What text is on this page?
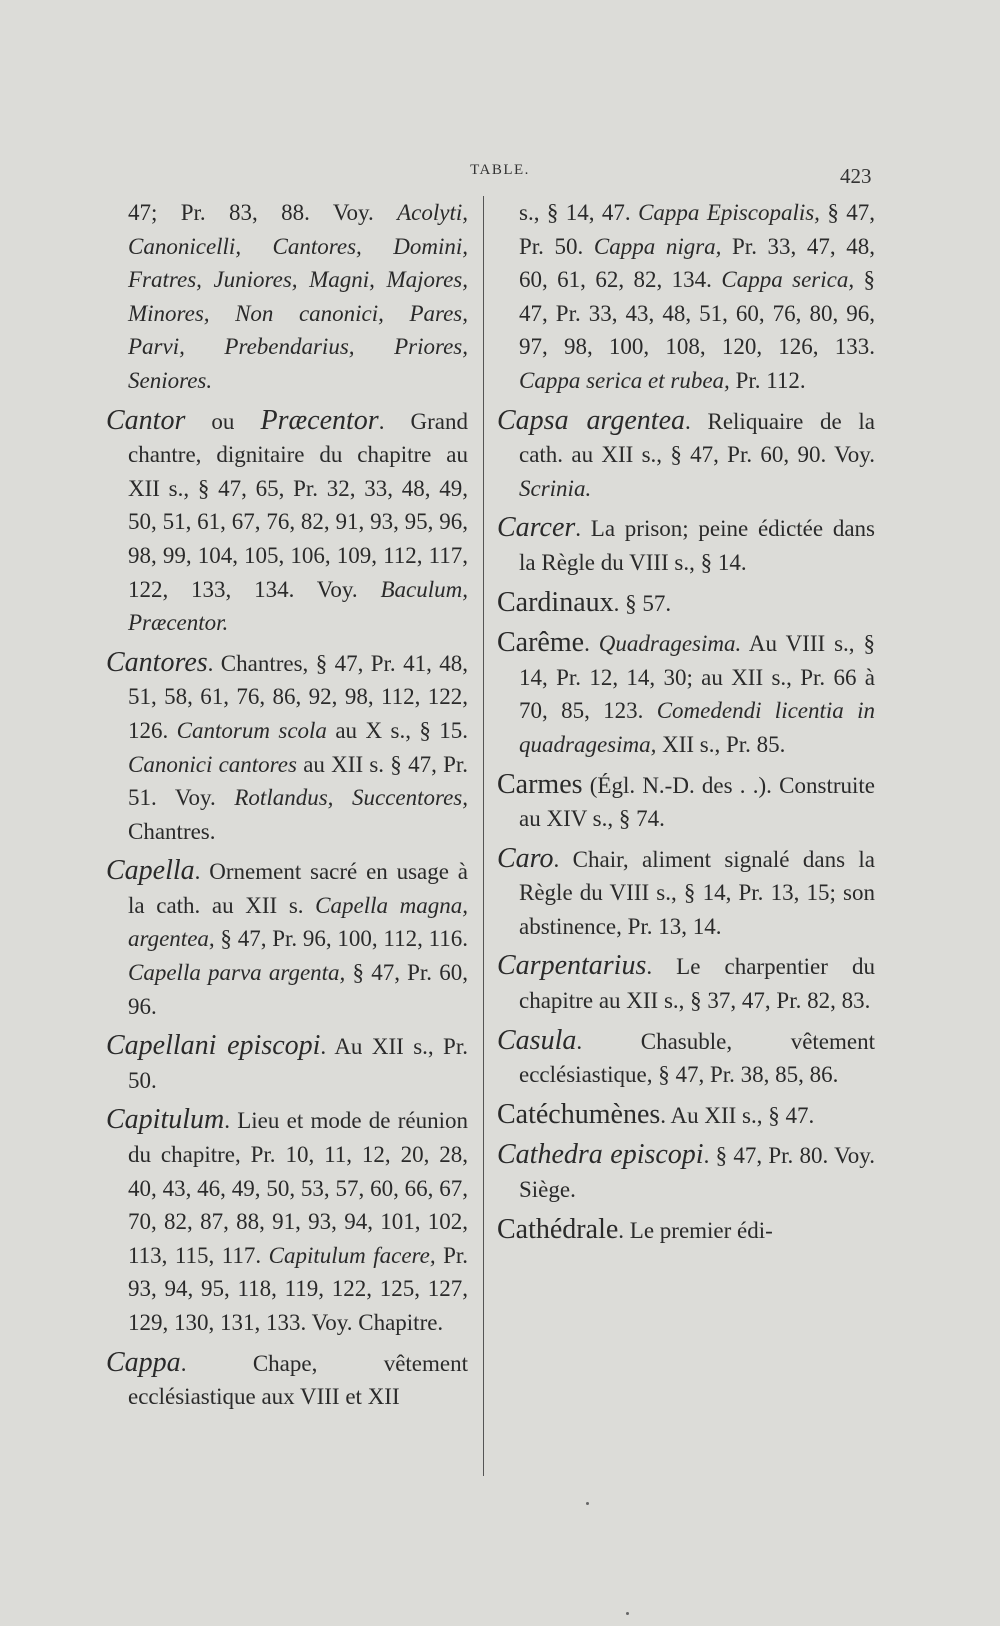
TABLE.	423
47; Pr. 83, 88. Voy. Acolyti, Canonicelli, Cantores, Domini, Fratres, Juniores, Magni, Majores, Minores, Non canonici, Pares, Parvi, Prebendarius, Priores, Seniores.
Cantor ou Præcentor. Grand chantre, dignitaire du chapitre au XII s., § 47, 65, Pr. 32, 33, 48, 49, 50, 51, 61, 67, 76, 82, 91, 93, 95, 96, 98, 99, 104, 105, 106, 109, 112, 117, 122, 133, 134. Voy. Baculum, Præcentor.
Cantores. Chantres, § 47, Pr. 41, 48, 51, 58, 61, 76, 86, 92, 98, 112, 122, 126. Cantorum scola au X s., § 15. Canonici cantores au XII s. § 47, Pr. 51. Voy. Rotlandus, Succentores, Chantres.
Capella. Ornement sacré en usage à la cath. au XII s. Capella magna, argentea, § 47, Pr. 96, 100, 112, 116. Capella parva argenta, § 47, Pr. 60, 96.
Capellani episcopi. Au XII s., Pr. 50.
Capitulum. Lieu et mode de réunion du chapitre, Pr. 10, 11, 12, 20, 28, 40, 43, 46, 49, 50, 53, 57, 60, 66, 67, 70, 82, 87, 88, 91, 93, 94, 101, 102, 113, 115, 117. Capitulum facere, Pr. 93, 94, 95, 118, 119, 122, 125, 127, 129, 130, 131, 133. Voy. Chapitre.
Cappa. Chape, vêtement ecclésiastique aux VIII et XII
s., § 14, 47. Cappa Episcopalis, § 47, Pr. 50. Cappa nigra, Pr. 33, 47, 48, 60, 61, 62, 82, 134. Cappa serica, § 47, Pr. 33, 43, 48, 51, 60, 76, 80, 96, 97, 98, 100, 108, 120, 126, 133. Cappa serica et rubea, Pr. 112.
Capsa argentea. Reliquaire de la cath. au XII s., § 47, Pr. 60, 90. Voy. Scrinia.
Carcer. La prison; peine édictée dans la Règle du VIII s., § 14.
Cardinaux. § 57.
Carême. Quadragesima. Au VIII s., § 14, Pr. 12, 14, 30; au XII s., Pr. 66 à 70, 85, 123. Comedendi licentia in quadragesima, XII s., Pr. 85.
Carmes (Égl. N.-D. des . .). Construite au XIV s., § 74.
Caro. Chair, aliment signalé dans la Règle du VIII s., § 14, Pr. 13, 15; son abstinence, Pr. 13, 14.
Carpentarius. Le charpentier du chapitre au XII s., § 37, 47, Pr. 82, 83.
Casula. Chasuble, vêtement ecclésiastique, § 47, Pr. 38, 85, 86.
Catéchumènes. Au XII s., § 47.
Cathedra episcopi. § 47, Pr. 80. Voy. Siège.
Cathédrale. Le premier édi-
